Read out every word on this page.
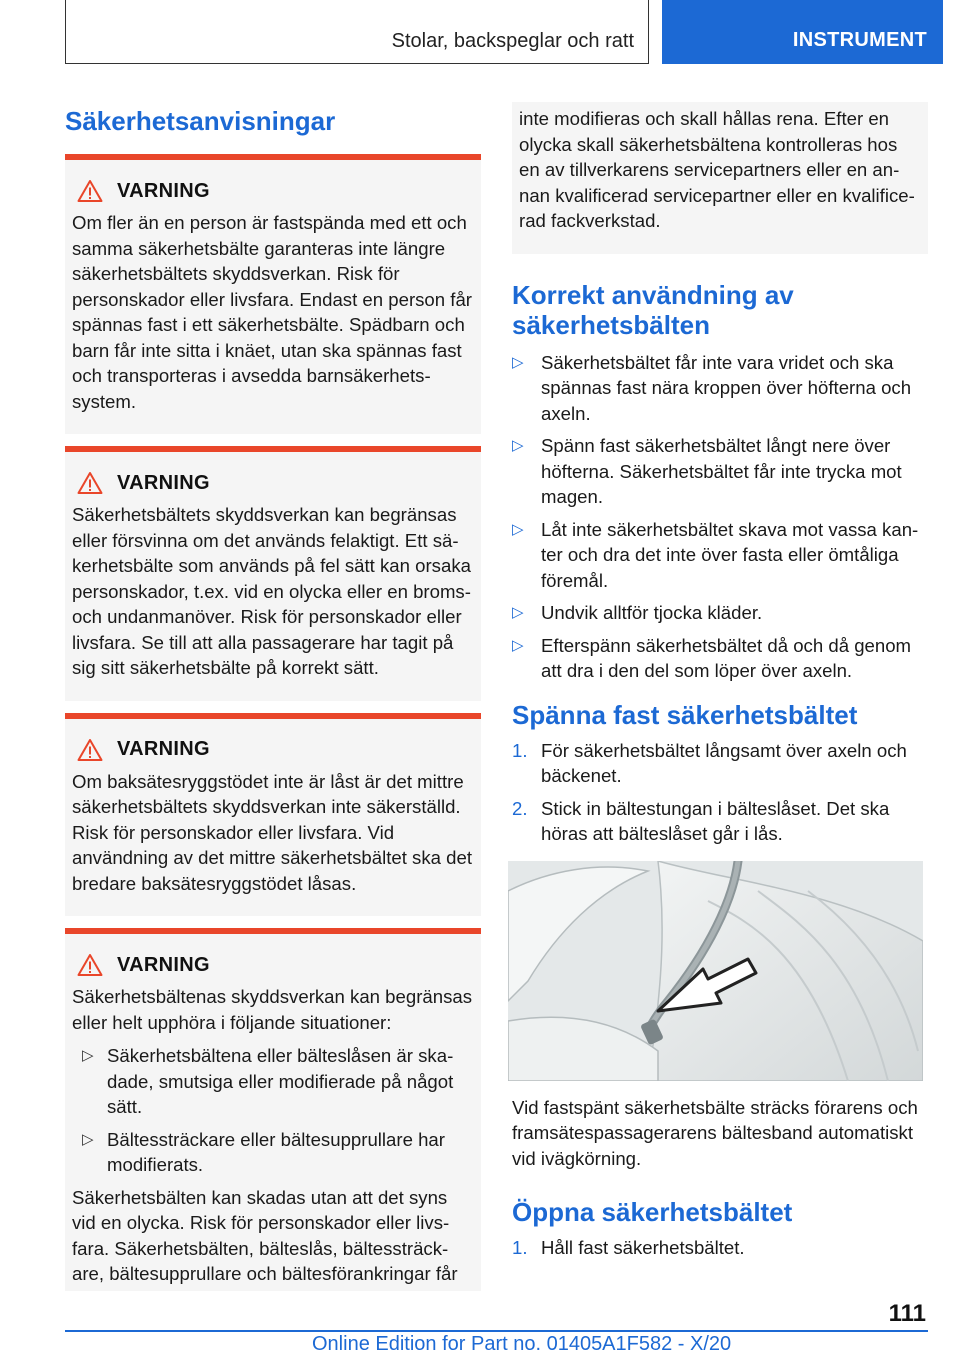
Stolar, backspeglar och ratt	INSTRUMENT
Säkerhetsanvisningar
VARNING

Om fler än en person är fastspända med ett och samma säkerhetsbälte garanteras inte längre säkerhetsbältets skyddsverkan. Risk för personskador eller livsfara. Endast en person får spännas fast i ett säkerhetsbälte. Spädbarn och barn får inte sitta i knäet, utan ska spännas fast och transporteras i avsedda barnsäkerhetssystem.

VARNING

Säkerhetsbältets skyddsverkan kan begränsas eller försvinna om det används felaktigt. Ett säkerhetsbälte som används på fel sätt kan orsaka personskador, t.ex. vid en olycka eller en broms- och undanmanöver. Risk för personskador eller livsfara. Se till att alla passagerare har tagit på sig sitt säkerhetsbälte på korrekt sätt.

VARNING

Om baksätesryggstödet inte är låst är det mittre säkerhetsbältets skyddsverkan inte säkerställd. Risk för personskador eller livsfara. Vid användning av det mittre säkerhetsbältet ska det bredare baksätesryggstödet låsas.

VARNING

Säkerhetsbältenas skyddsverkan kan begränsas eller helt upphöra i följande situationer:

▷ Säkerhetsbältena eller bälteslåsen är skadade, smutsiga eller modifierade på något sätt.
▷ Bältessträckare eller bältesupprullare har modifierats.

Säkerhetsbälten kan skadas utan att det syns vid en olycka. Risk för personskador eller livsfara. Säkerhetsbälten, bälteslås, bältessträckare, bältesupprullare och bältesförankringar får

inte modifieras och skall hållas rena. Efter en olycka skall säkerhetsbältena kontrolleras hos en av tillverkarens servicepartners eller en annan kvalificerad servicepartner eller en kvalificerad fackverkstad.

Korrekt användning av säkerhetsbälten
▷ Säkerhetsbältet får inte vara vridet och ska spännas fast nära kroppen över höfterna och axeln.
▷ Spänn fast säkerhetsbältet långt nere över höfterna. Säkerhetsbältet får inte trycka mot magen.
▷ Låt inte säkerhetsbältet skava mot vassa kanter och dra det inte över fasta eller ömtåliga föremål.
▷ Undvik alltför tjocka kläder.
▷ Efterspänn säkerhetsbältet då och då genom att dra i den del som löper över axeln.
Spänna fast säkerhetsbältet
1. För säkerhetsbältet långsamt över axeln och bäckenet.
2. Stick in bältestungan i bälteslåset. Det ska höras att bälteslåset går i lås.

Vid fastspänt säkerhetsbälte sträcks förarens och framsätespassagerarens bältesband automatiskt vid ivägkörning.

Öppna säkerhetsbältet
1. Håll fast säkerhetsbältet.
111
Online Edition for Part no. 01405A1F582 - X/20
